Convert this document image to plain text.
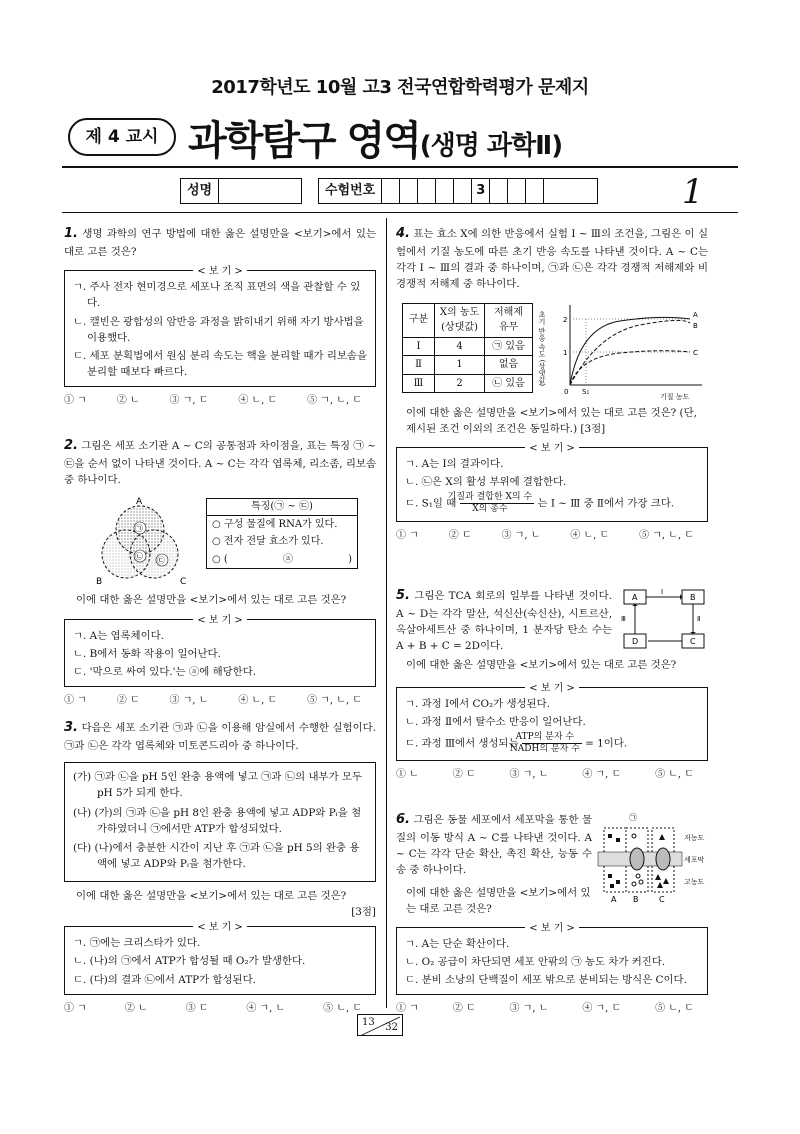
2017학년도 10월 고3 전국연합학력평가 문제지
제 4 교시 과학탐구 영역(생명 과학Ⅱ)
성명	수험번호	3	1
1. 생명 과학의 연구 방법에 대한 옳은 설명만을 <보기>에서 있는 대로 고른 것은?
< 보 기 >
ㄱ. 주사 전자 현미경으로 세포나 조직 표면의 색을 관찰할 수 있다.
ㄴ. 캘빈은 광합성의 암반응 과정을 밝히내기 위해 자기 방사법을 이용했다.
ㄷ. 세포 분획법에서 원심 분리 속도는 핵을 분리할 때가 리보솜을 분리할 때보다 빠르다.
① ㄱ	② ㄴ	③ ㄱ, ㄷ	④ ㄴ, ㄷ	⑤ ㄱ, ㄴ, ㄷ
2. 그림은 세포 소기관 A ~ C의 공통점과 차이점을, 표는 특징 ㉠ ~ ㉢을 순서 없이 나타낸 것이다. A ~ C는 각각 엽록체, 리소좀, 리보솜 중 하나이다.
A
B	C
㉠
㉡ ㉢
특징(㉠ ~ ㉢)
○ 구성 물질에 RNA가 있다.
○ 전자 전달 효소가 있다.
○ (	ⓐ	)
이에 대한 옳은 설명만을 <보기>에서 있는 대로 고른 것은?
< 보 기 >
ㄱ. A는 엽록체이다.
ㄴ. B에서 동화 작용이 일어난다.
ㄷ. '막으로 싸여 있다.'는 ⓐ에 해당한다.
① ㄱ	② ㄷ	③ ㄱ, ㄴ	④ ㄴ, ㄷ	⑤ ㄱ, ㄴ, ㄷ
3. 다음은 세포 소기관 ㉠과 ㉡을 이용해 암실에서 수행한 실험이다. ㉠과 ㉡은 각각 엽록체와 미토콘드리아 중 하나이다.
(가) ㉠과 ㉡을 pH 5인 완충 용액에 넣고 ㉠과 ㉡의 내부가 모두 pH 5가 되게 한다.
(나) (가)의 ㉠과 ㉡을 pH 8인 완충 용액에 넣고 ADP와 Pᵢ을 첨가하였더니 ㉠에서만 ATP가 합성되었다.
(다) (나)에서 충분한 시간이 지난 후 ㉠과 ㉡을 pH 5의 완충 용액에 넣고 ADP와 Pᵢ을 첨가한다.
이에 대한 옳은 설명만을 <보기>에서 있는 대로 고른 것은?
[3점]
< 보 기 >
ㄱ. ㉠에는 크리스타가 있다.
ㄴ. (나)의 ㉠에서 ATP가 합성될 때 O₂가 발생한다.
ㄷ. (다)의 결과 ㉡에서 ATP가 합성된다.
① ㄱ	② ㄴ	③ ㄷ	④ ㄱ, ㄴ	⑤ ㄴ, ㄷ
4. 표는 효소 X에 의한 반응에서 실험 Ⅰ ~ Ⅲ의 조건을, 그림은 이 실험에서 기질 농도에 따른 초기 반응 속도를 나타낸 것이다. A ~ C는 각각 Ⅰ ~ Ⅲ의 결과 중 하나이며, ㉠과 ㉡은 각각 경쟁적 저해제와 비경쟁적 저해제 중 하나이다.
구분	X의 농도 (상댓값)	저해제 유무
Ⅰ	4	㉠ 있음
Ⅱ	1	없음
Ⅲ	2	㉡ 있음 초기 반응 속도 (상댓값) 2
1
0 S₁
A
B
C
기질 농도
이에 대한 옳은 설명만을 <보기>에서 있는 대로 고른 것은? (단, 제시된 조건 이외의 조건은 동일하다.) [3점]
< 보 기 >
ㄱ. A는 Ⅰ의 결과이다.
ㄴ. ㉡은 X의 활성 부위에 결합한다.
ㄷ. S₁일 때 $\frac{\text{기질과 결합한 X의 수}}{\text{X의 총수}}$ 는 Ⅰ ~ Ⅲ 중 Ⅱ에서 가장 크다.
① ㄱ	② ㄷ	③ ㄱ, ㄴ	④ ㄴ, ㄷ	⑤ ㄱ, ㄴ, ㄷ
5. 그림은 TCA 회로의 일부를 나타낸 것이다. A ~ D는 각각 말산, 석신산(숙신산), 시트르산, 옥살아세트산 중 하나이며, 1 분자당 탄소 수는 A + B + C = 2D이다.
A	B
C
D
Ⅰ
Ⅱ
Ⅲ
이에 대한 옳은 설명만을 <보기>에서 있는 대로 고른 것은?
< 보 기 >
ㄱ. 과정 Ⅰ에서 CO₂가 생성된다.
ㄴ. 과정 Ⅱ에서 탈수소 반응이 일어난다.
ㄷ. 과정 Ⅲ에서 생성되는 $\frac{\text{ATP의 분자 수}}{\text{NADH의 분자 수}} = 1$이다.
① ㄴ	② ㄷ	③ ㄱ, ㄴ	④ ㄱ, ㄷ	⑤ ㄴ, ㄷ
6. 그림은 동물 세포에서 세포막을 통한 물질의 이동 방식 A ~ C를 나타낸 것이다. A ~ C는 각각 단순 확산, 촉진 확산, 능동 수송 중 하나이다.
이에 대한 옳은 설명만을 <보기>에서 있는 대로 고른 것은?
㉠
A B	C
저농도
세포막
고농도
< 보 기 >
ㄱ. A는 단순 확산이다.
ㄴ. O₂ 공급이 차단되면 세포 안팎의 ㉠ 농도 차가 커진다.
ㄷ. 분비 소낭의 단백질이 세포 밖으로 분비되는 방식은 C이다.
① ㄱ	② ㄷ	③ ㄱ, ㄴ	④ ㄱ, ㄷ	⑤ ㄴ, ㄷ
13 32
